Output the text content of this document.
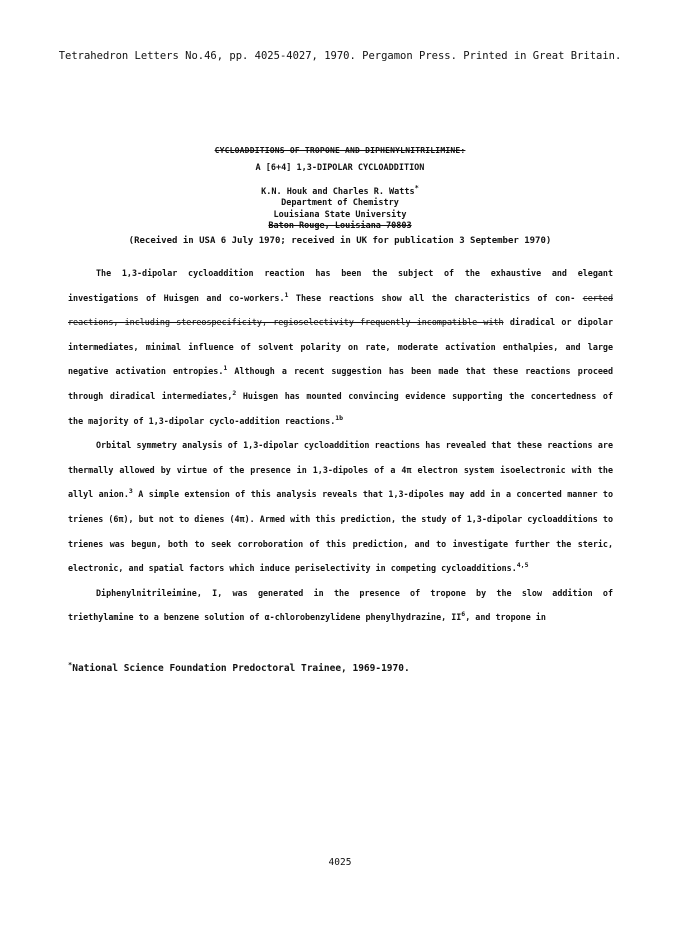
Tetrahedron Letters No.46, pp. 4025-4027, 1970. Pergamon Press. Printed in Great Britain.
CYCLOADDITIONS OF TROPONE AND DIPHENYLNITRILIMINE:
A [6+4] 1,3-DIPOLAR CYCLOADDITION
K.N. Houk and Charles R. Watts*
Department of Chemistry
Louisiana State University
Baton Rouge, Louisiana 70803
(Received in USA 6 July 1970; received in UK for publication 3 September 1970)

The 1,3-dipolar cycloaddition reaction has been the subject of the exhaustive and elegant investigations of Huisgen and co-workers.$^1$ These reactions show all the characteristics of con- certed reactions, including stereospecificity, regioselectivity frequently incompatible with diradical or dipolar intermediates, minimal influence of solvent polarity on rate, moderate activation enthalpies, and large negative activation entropies.$^1$ Although a recent suggestion has been made that these reactions proceed through diradical intermediates,$^2$ Huisgen has mounted convincing evidence supporting the concertedness of the majority of 1,3-dipolar cyclo-addition reactions.$^{1b}$

Orbital symmetry analysis of 1,3-dipolar cycloaddition reactions has revealed that these reactions are thermally allowed by virtue of the presence in 1,3-dipoles of a 4π electron system isoelectronic with the allyl anion.$^3$ A simple extension of this analysis reveals that 1,3-dipoles may add in a concerted manner to trienes (6π), but not to dienes (4π). Armed with this prediction, the study of 1,3-dipolar cycloadditions to trienes was begun, both to seek corroboration of this prediction, and to investigate further the steric, electronic, and spatial factors which induce periselectivity in competing cycloadditions.$^{4,5}$

Diphenylnitrileimine, I, was generated in the presence of tropone by the slow addition of triethylamine to a benzene solution of α-chlorobenzylidene phenylhydrazine, $II^6$, and tropone in

*National Science Foundation Predoctoral Trainee, 1969-1970.
4025
